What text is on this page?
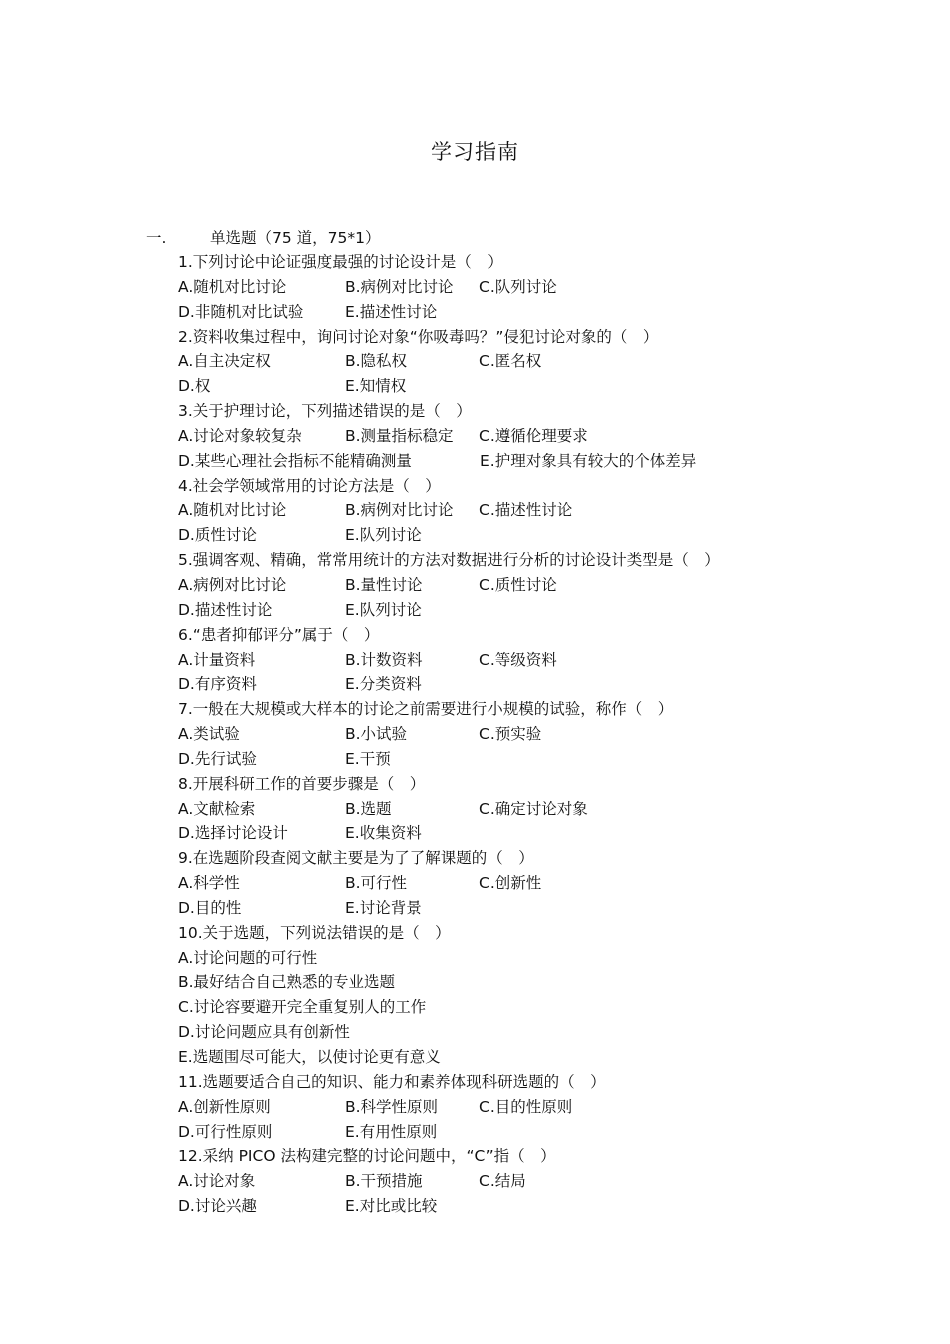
学习指南
一.	单选题（75 道，75*1）
1.下列讨论中论证强度最强的讨论设计是（　）
A.随机对比讨论	B.病例对比讨论 C.队列讨论
D.非随机对比试验	E.描述性讨论
2.资料收集过程中，询问讨论对象“你吸毒吗？”侵犯讨论对象的（　）
A.自主决定权	B.隐私权	C.匿名权
D.权	E.知情权
3.关于护理讨论，下列描述错误的是（　）
A.讨论对象较复杂	B.测量指标稳定 C.遵循伦理要求
D.某些心理社会指标不能精确测量	E.护理对象具有较大的个体差异
4.社会学领域常用的讨论方法是（　）
A.随机对比讨论	B.病例对比讨论 C.描述性讨论
D.质性讨论	E.队列讨论
5.强调客观、精确，常常用统计的方法对数据进行分析的讨论设计类型是（　）
A.病例对比讨论	B.量性讨论	C.质性讨论
D.描述性讨论	E.队列讨论
6.“患者抑郁评分”属于（　）
A.计量资料	B.计数资料	C.等级资料
D.有序资料	E.分类资料
7.一般在大规模或大样本的讨论之前需要进行小规模的试验，称作（　）
A.类试验	B.小试验	C.预实验
D.先行试验	E.干预
8.开展科研工作的首要步骤是（　）
A.文献检索	B.选题	C.确定讨论对象
D.选择讨论设计	E.收集资料
9.在选题阶段查阅文献主要是为了了解课题的（　）
A.科学性	B.可行性	C.创新性
D.目的性	E.讨论背景
10.关于选题，下列说法错误的是（　）
A.讨论问题的可行性
B.最好结合自己熟悉的专业选题
C.讨论容要避开完全重复别人的工作
D.讨论问题应具有创新性
E.选题围尽可能大，以使讨论更有意义
11.选题要适合自己的知识、能力和素养体现科研选题的（　）
A.创新性原则	B.科学性原则	C.目的性原则
D.可行性原则	E.有用性原则
12.采纳 PICO 法构建完整的讨论问题中，“C”指（　）
A.讨论对象	B.干预措施	C.结局
D.讨论兴趣	E.对比或比较
